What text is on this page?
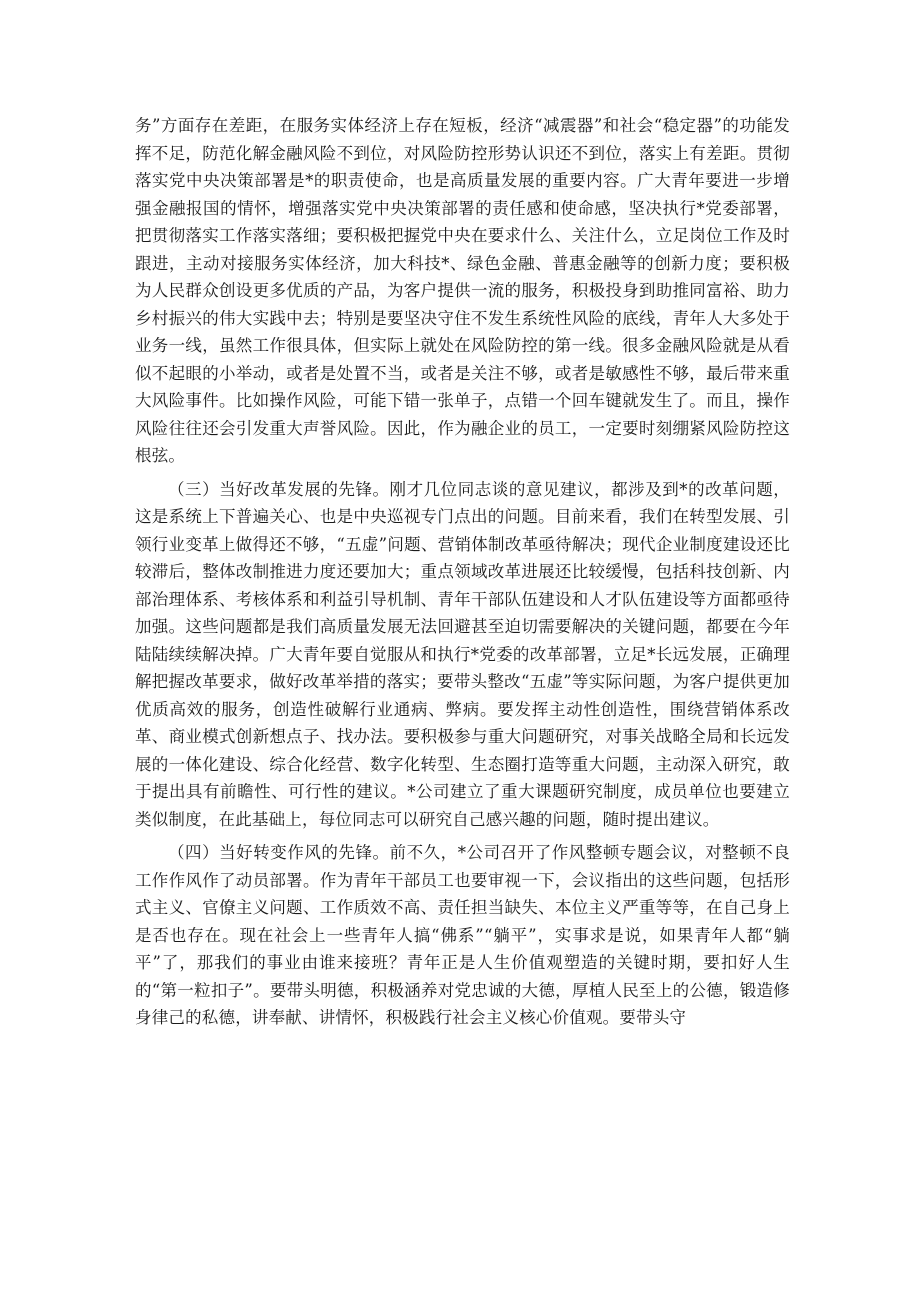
务”方面存在差距，在服务实体经济上存在短板，经济“减震器”和社会“稳定器”的功能发挥不足，防范化解金融风险不到位，对风险防控形势认识还不到位，落实上有差距。贯彻落实党中央决策部署是*的职责使命，也是高质量发展的重要内容。广大青年要进一步增强金融报国的情怀，增强落实党中央决策部署的责任感和使命感，坚决执行*党委部署，把贯彻落实工作落实落细；要积极把握党中央在要求什么、关注什么，立足岗位工作及时跟进，主动对接服务实体经济，加大科技*、绿色金融、普惠金融等的创新力度；要积极为人民群众创设更多优质的产品，为客户提供一流的服务，积极投身到助推同富裕、助力乡村振兴的伟大实践中去；特别是要坚决守住不发生系统性风险的底线，青年人大多处于业务一线，虽然工作很具体，但实际上就处在风险防控的第一线。很多金融风险就是从看似不起眼的小举动，或者是处置不当，或者是关注不够，或者是敏感性不够，最后带来重大风险事件。比如操作风险，可能下错一张单子，点错一个回车键就发生了。而且，操作风险往往还会引发重大声誉风险。因此，作为融企业的员工，一定要时刻绷紧风险防控这根弦。

（三）当好改革发展的先锋。刚才几位同志谈的意见建议，都涉及到*的改革问题，这是系统上下普遍关心、也是中央巡视专门点出的问题。目前来看，我们在转型发展、引领行业变革上做得还不够，“五虚”问题、营销体制改革亟待解决；现代企业制度建设还比较滞后，整体改制推进力度还要加大；重点领域改革进展还比较缓慢，包括科技创新、内部治理体系、考核体系和利益引导机制、青年干部队伍建设和人才队伍建设等方面都亟待加强。这些问题都是我们高质量发展无法回避甚至迫切需要解决的关键问题，都要在今年陆陆续续解决掉。广大青年要自觉服从和执行*党委的改革部署，立足*长远发展，正确理解把握改革要求，做好改革举措的落实；要带头整改“五虚”等实际问题，为客户提供更加优质高效的服务，创造性破解行业通病、弊病。要发挥主动性创造性，围绕营销体系改革、商业模式创新想点子、找办法。要积极参与重大问题研究，对事关战略全局和长远发展的一体化建设、综合化经营、数字化转型、生态圈打造等重大问题，主动深入研究，敢于提出具有前瞻性、可行性的建议。*公司建立了重大课题研究制度，成员单位也要建立类似制度，在此基础上，每位同志可以研究自己感兴趣的问题，随时提出建议。

（四）当好转变作风的先锋。前不久，*公司召开了作风整顿专题会议，对整顿不良工作作风作了动员部署。作为青年干部员工也要审视一下，会议指出的这些问题，包括形式主义、官僚主义问题、工作质效不高、责任担当缺失、本位主义严重等等，在自己身上是否也存在。现在社会上一些青年人搞“佛系”“躺平”，实事求是说，如果青年人都“躺平”了，那我们的事业由谁来接班？青年正是人生价值观塑造的关键时期，要扣好人生的“第一粒扣子”。要带头明德，积极涵养对党忠诚的大德，厚植人民至上的公德，锻造修身律己的私德，讲奉献、讲情怀，积极践行社会主义核心价值观。要带头守
